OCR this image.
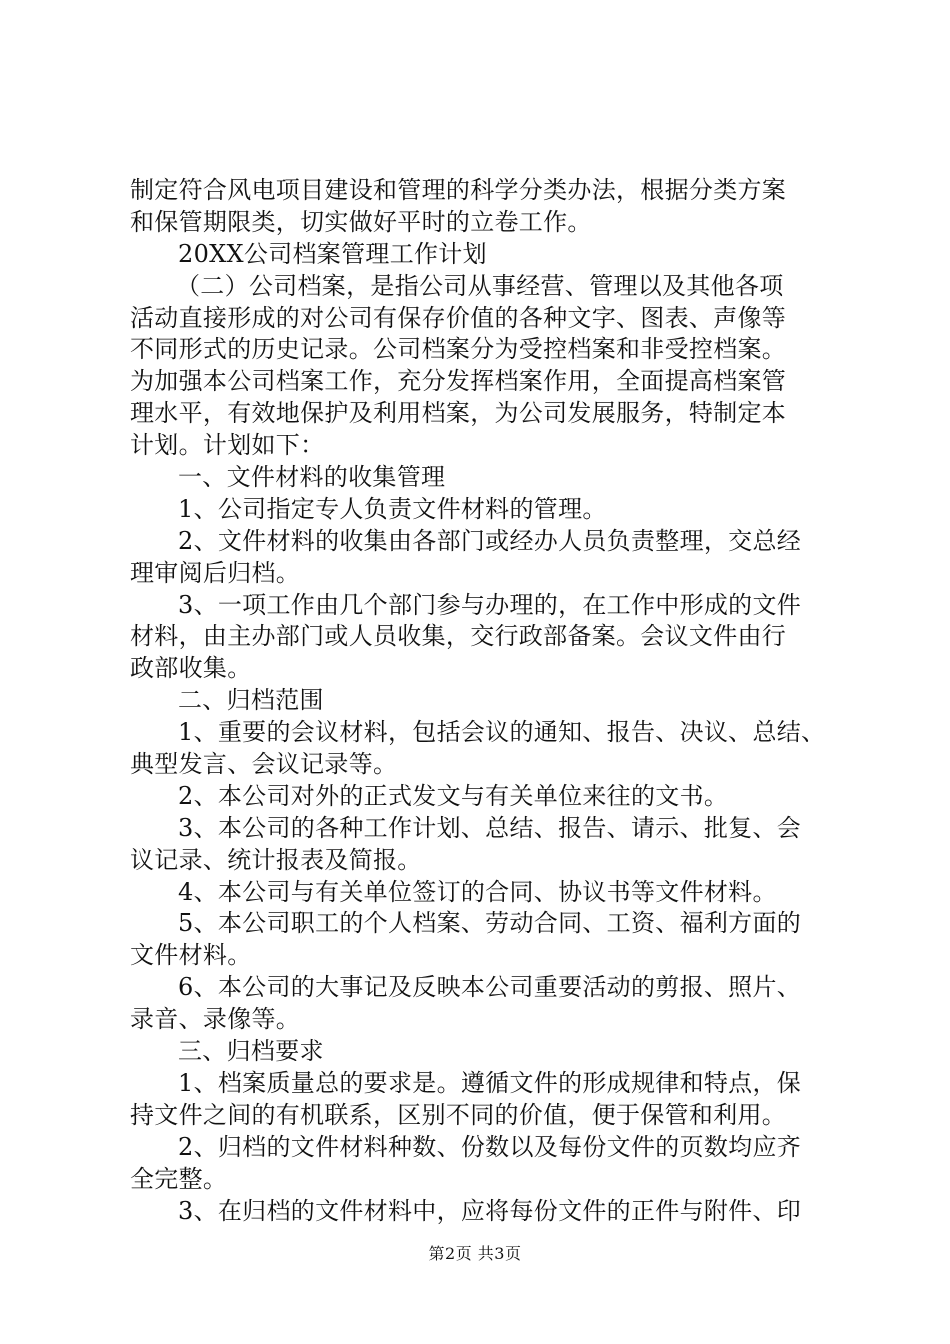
制定符合风电项目建设和管理的科学分类办法，根据分类方案
和保管期限类，切实做好平时的立卷工作。
20XX公司档案管理工作计划
（二）公司档案，是指公司从事经营、管理以及其他各项
活动直接形成的对公司有保存价值的各种文字、图表、声像等
不同形式的历史记录。公司档案分为受控档案和非受控档案。
为加强本公司档案工作，充分发挥档案作用，全面提高档案管
理水平，有效地保护及利用档案，为公司发展服务，特制定本
计划。计划如下：
一、文件材料的收集管理
1、公司指定专人负责文件材料的管理。
2、文件材料的收集由各部门或经办人员负责整理，交总经
理审阅后归档。
3、一项工作由几个部门参与办理的，在工作中形成的文件
材料，由主办部门或人员收集，交行政部备案。会议文件由行
政部收集。
二、归档范围
1、重要的会议材料，包括会议的通知、报告、决议、总结、
典型发言、会议记录等。
2、本公司对外的正式发文与有关单位来往的文书。
3、本公司的各种工作计划、总结、报告、请示、批复、会
议记录、统计报表及简报。
4、本公司与有关单位签订的合同、协议书等文件材料。
5、本公司职工的个人档案、劳动合同、工资、福利方面的
文件材料。
6、本公司的大事记及反映本公司重要活动的剪报、照片、
录音、录像等。
三、归档要求
1、档案质量总的要求是。遵循文件的形成规律和特点，保
持文件之间的有机联系，区别不同的价值，便于保管和利用。
2、归档的文件材料种数、份数以及每份文件的页数均应齐
全完整。
3、在归档的文件材料中，应将每份文件的正件与附件、印
第2页 共3页
